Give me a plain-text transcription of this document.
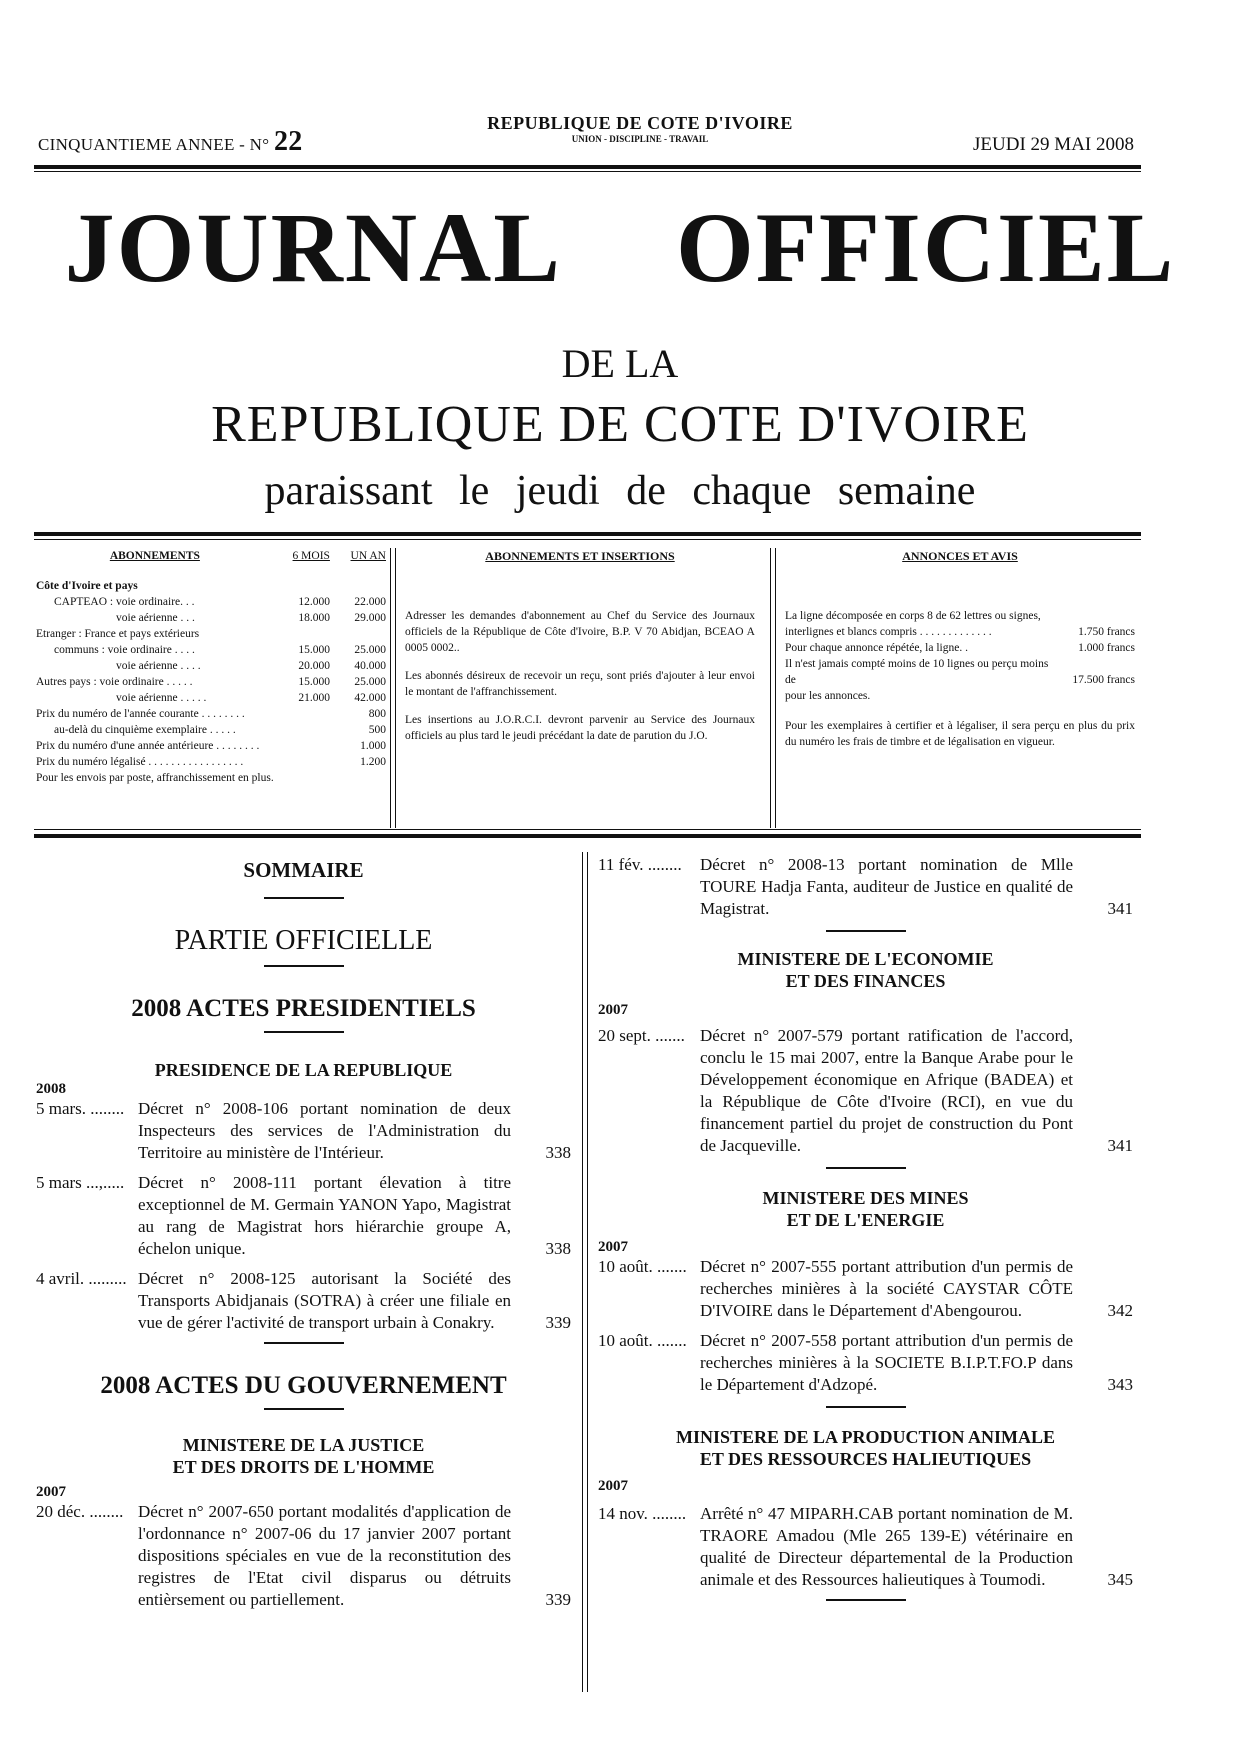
CINQUANTIEME ANNEE - N° 22
REPUBLIQUE DE COTE D'IVOIRE
UNION - DISCIPLINE - TRAVAIL	JEUDI 29 MAI 2008
JOURNAL OFFICIEL
DE LA
REPUBLIQUE DE COTE D'IVOIRE
paraissant le jeudi de chaque semaine
ABONNEMENTS	6 MOIS	UN AN

Côte d'Ivoire et pays		
CAPTEAO : voie ordinaire. . .	12.000	22.000
voie aérienne . . .	18.000	29.000
Etranger : France et pays extérieurs		
communs : voie ordinaire . . . .	15.000	25.000
voie aérienne . . . .	20.000	40.000
Autres pays : voie ordinaire . . . . .	15.000	25.000
voie aérienne . . . . .	21.000	42.000
Prix du numéro de l'année courante . . . . . . . .		800
au-delà du cinquième exemplaire . . . . .		500
Prix du numéro d'une année antérieure . . . . . . . .		1.000
Prix du numéro légalisé . . . . . . . . . . . . . . . . .		1.200
Pour les envois par poste, affranchissement en plus.		
ABONNEMENTS ET INSERTIONS
Adresser les demandes d'abonnement au Chef du Service des Journaux officiels de la République de Côte d'Ivoire, B.P. V 70 Abidjan, BCEAO A 0005 0002..
Les abonnés désireux de recevoir un reçu, sont priés d'ajouter à leur envoi le montant de l'affranchissement.
Les insertions au J.O.R.C.I. devront parvenir au Service des Journaux officiels au plus tard le jeudi précédant la date de parution du J.O.
ANNONCES ET AVIS
La ligne décomposée en corps 8 de 62 lettres ou signes, interlignes et blancs compris . . . . . . . . . . . . .	1.750 francs
Pour chaque annonce répétée, la ligne. .	1.000 francs
Il n'est jamais compté moins de 10 lignes ou perçu moins de	17.500 francs
pour les annonces.	
Pour les exemplaires à certifier et à légaliser, il sera perçu en plus du prix du numéro les frais de timbre et de légalisation en vigueur.
SOMMAIRE
PARTIE OFFICIELLE
2008 ACTES PRESIDENTIELS
PRESIDENCE DE LA REPUBLIQUE
2008
5 mars. ........ Décret n° 2008-106 portant nomination de deux Inspecteurs des services de l'Administration du Territoire au ministère de l'Intérieur.	338
5 mars ...,..... Décret n° 2008-111 portant élevation à titre exceptionnel de M. Germain YANON Yapo, Magistrat au rang de Magistrat hors hiérarchie groupe A, échelon unique.	338
4 avril. ......... Décret n° 2008-125 autorisant la Société des Transports Abidjanais (SOTRA) à créer une filiale en vue de gérer l'activité de transport urbain à Conakry.	339
2008 ACTES DU GOUVERNEMENT
MINISTERE DE LA JUSTICE
ET DES DROITS DE L'HOMME
2007
20 déc. ........ Décret n° 2007-650 portant modalités d'application de l'ordonnance n° 2007-06 du 17 janvier 2007 portant dispositions spéciales en vue de la reconstitution des registres de l'Etat civil disparus ou détruits entièrsement ou partiellement.	339
11 fév. ........	Décret n° 2008-13 portant nomination de Mlle TOURE Hadja Fanta, auditeur de Justice en qualité de Magistrat.	341
MINISTERE DE L'ECONOMIE
ET DES FINANCES
2007
20 sept. ....... Décret n° 2007-579 portant ratification de l'accord, conclu le 15 mai 2007, entre la Banque Arabe pour le Développement économique en Afrique (BADEA) et la République de Côte d'Ivoire (RCI), en vue du financement partiel du projet de construction du Pont de Jacqueville.	341
MINISTERE DES MINES
ET DE L'ENERGIE
2007
10 août. ....... Décret n° 2007-555 portant attribution d'un permis de recherches minières à la société CAYSTAR CÔTE D'IVOIRE dans le Département d'Abengourou.	342
10 août. ....... Décret n° 2007-558 portant attribution d'un permis de recherches minières à la SOCIETE B.I.P.T.FO.P dans le Département d'Adzopé.	343
MINISTERE DE LA PRODUCTION ANIMALE
ET DES RESSOURCES HALIEUTIQUES
2007
14 nov. ........ Arrêté n° 47 MIPARH.CAB portant nomination de M. TRAORE Amadou (Mle 265 139-E) vétérinaire en qualité de Directeur départemental de la Production animale et des Ressources halieutiques à Toumodi.	345
